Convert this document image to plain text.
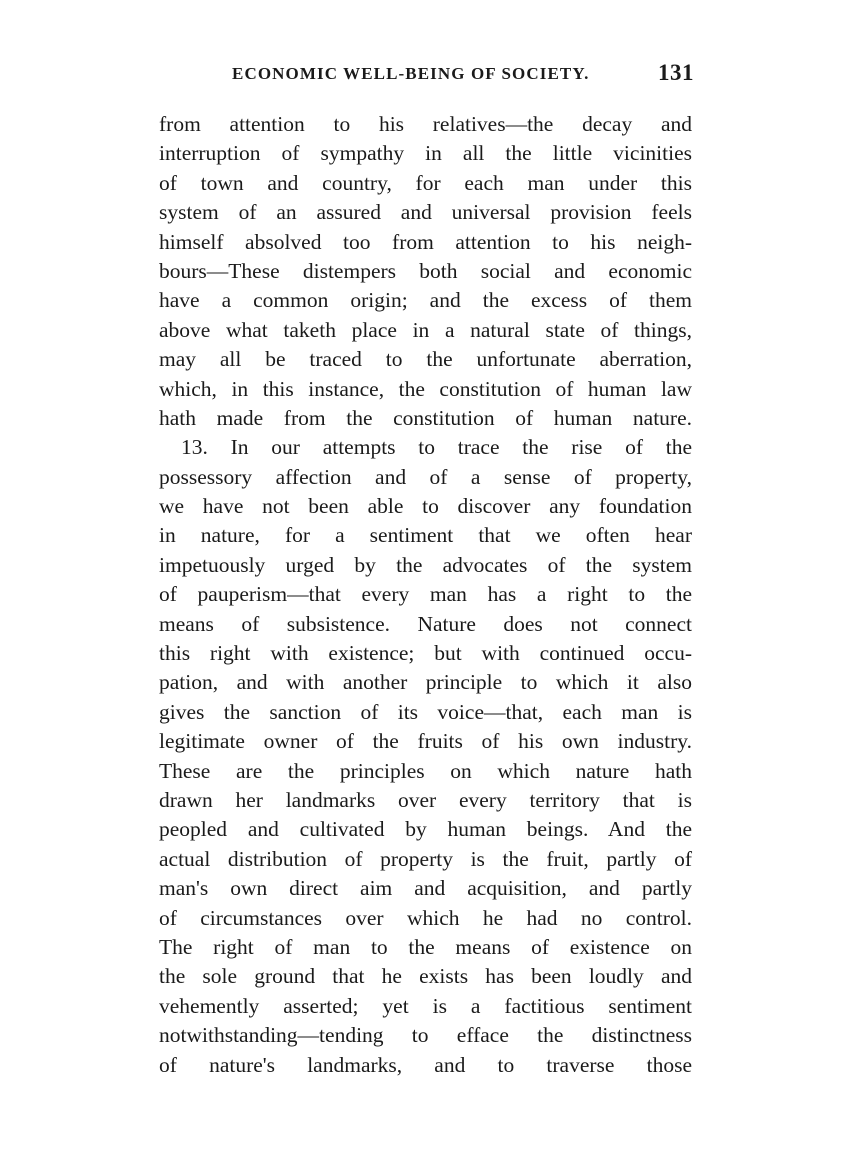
ECONOMIC WELL-BEING OF SOCIETY.	131
from attention to his relatives—the decay and
interruption of sympathy in all the little vicinities
of town and country, for each man under this
system of an assured and universal provision feels
himself absolved too from attention to his neigh-
bours—These distempers both social and economic
have a common origin; and the excess of them
above what taketh place in a natural state of things,
may all be traced to the unfortunate aberration,
which, in this instance, the constitution of human law
hath made from the constitution of human nature.
13. In our attempts to trace the rise of the
possessory affection and of a sense of property,
we have not been able to discover any foundation
in nature, for a sentiment that we often hear
impetuously urged by the advocates of the system
of pauperism—that every man has a right to the
means of subsistence. Nature does not connect
this right with existence; but with continued occu-
pation, and with another principle to which it also
gives the sanction of its voice—that, each man is
legitimate owner of the fruits of his own industry.
These are the principles on which nature hath
drawn her landmarks over every territory that is
peopled and cultivated by human beings. And the
actual distribution of property is the fruit, partly of
man's own direct aim and acquisition, and partly
of circumstances over which he had no control.
The right of man to the means of existence on
the sole ground that he exists has been loudly and
vehemently asserted; yet is a factitious sentiment
notwithstanding—tending to efface the distinctness
of nature's landmarks, and to traverse those
